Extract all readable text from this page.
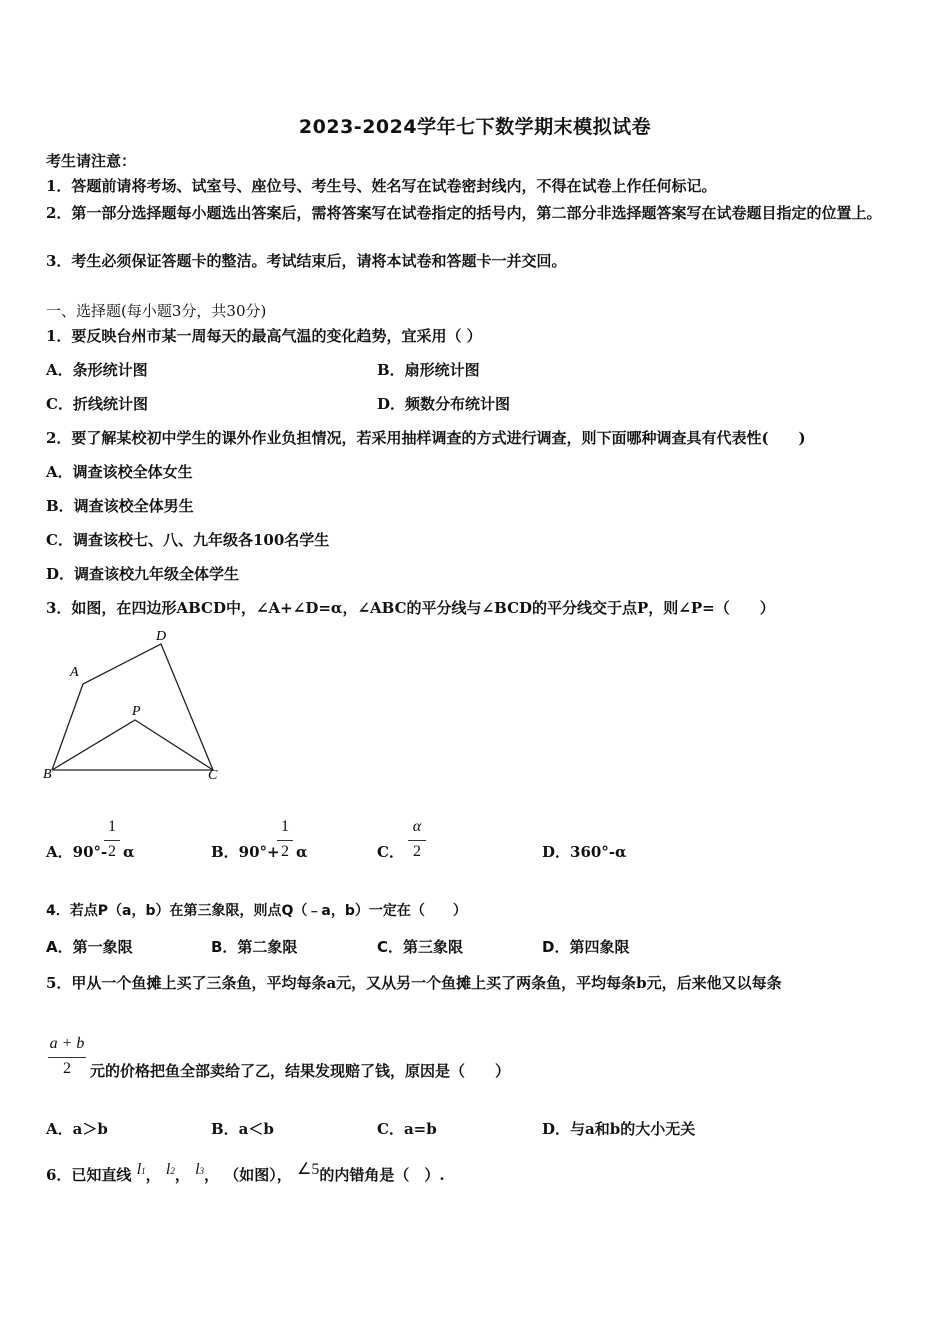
2023-2024学年七下数学期末模拟试卷
考生请注意：
1．答题前请将考场、试室号、座位号、考生号、姓名写在试卷密封线内，不得在试卷上作任何标记。
2．第一部分选择题每小题选出答案后，需将答案写在试卷指定的括号内，第二部分非选择题答案写在试卷题目指定的位置上。
3．考生必须保证答题卡的整洁。考试结束后，请将本试卷和答题卡一并交回。
一、选择题(每小题3分，共30分)
1．要反映台州市某一周每天的最高气温的变化趋势，宜采用（ ）
A．条形统计图	B．扇形统计图
C．折线统计图	D．频数分布统计图
2．要了解某校初中学生的课外作业负担情况，若采用抽样调查的方式进行调查，则下面哪种调查具有代表性(　　)
A．调查该校全体女生
B．调查该校全体男生
C．调查该校七、八、九年级各100名学生
D．调查该校九年级全体学生
3．如图，在四边形ABCD中，∠A+∠D=α，∠ABC的平分线与∠BCD的平分线交于点P，则∠P=（　　）
A
B	C
D
P
A．90°-
1
2 α	B．90°+
1
2 α	C．
α
2	D．360°-α
4．若点P（a，b）在第三象限，则点Q（﹣a，b）一定在（　　）
A．第一象限	B．第二象限	C．第三象限	D．第四象限
5．甲从一个鱼摊上买了三条鱼，平均每条a元，又从另一个鱼摊上买了两条鱼，平均每条b元，后来他又以每条
a + b
2	元的价格把鱼全部卖给了乙，结果发现赔了钱，原因是（　　）
A．a＞b	B．a＜b	C．a=b	D．与a和b的大小无关
6．已知直线 l1， l2， l3， （如图）， ∠5的内错角是（　）.
